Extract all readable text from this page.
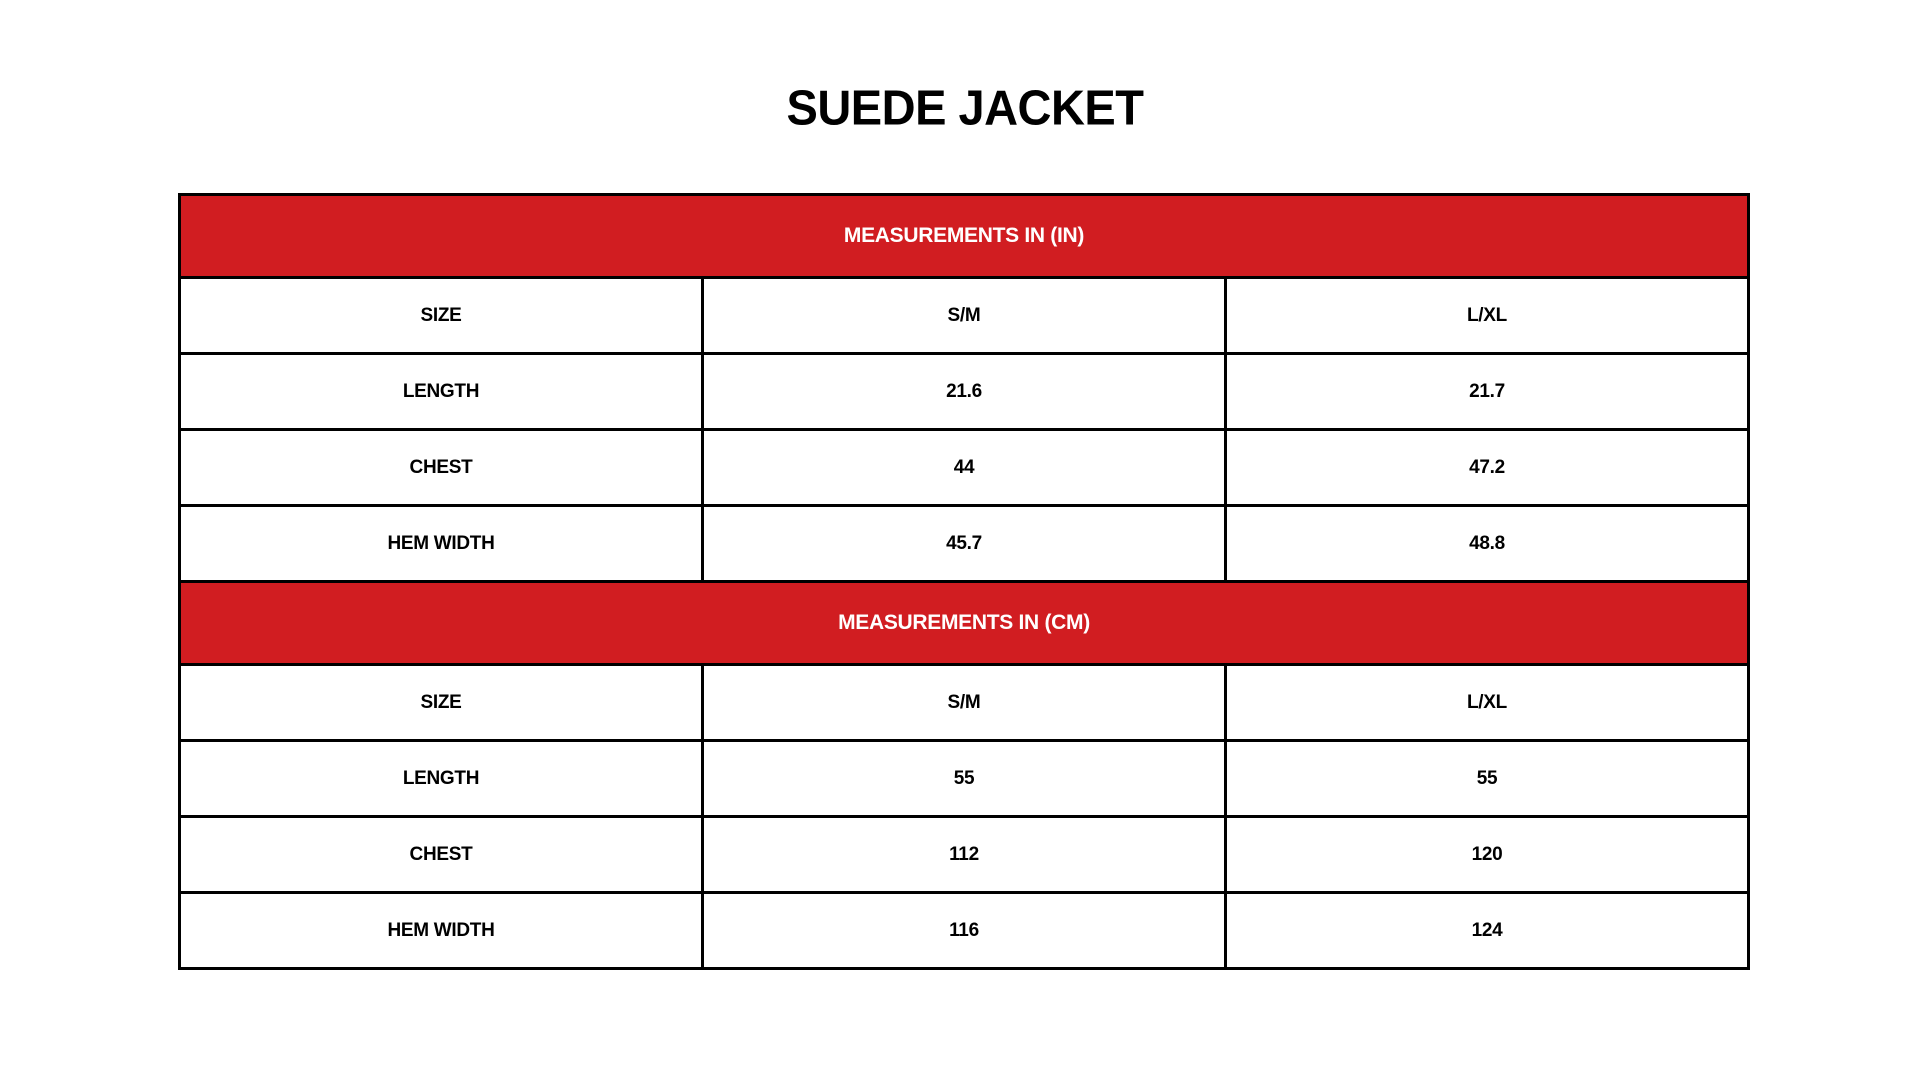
SUEDE JACKET
MEASUREMENTS IN (IN)		
SIZE	S/M	L/XL
LENGTH	21.6	21.7
CHEST	44	47.2
HEM WIDTH	45.7	48.8
MEASUREMENTS IN (CM)		
SIZE	S/M	L/XL
LENGTH	55	55
CHEST	112	120
HEM WIDTH	116	124
